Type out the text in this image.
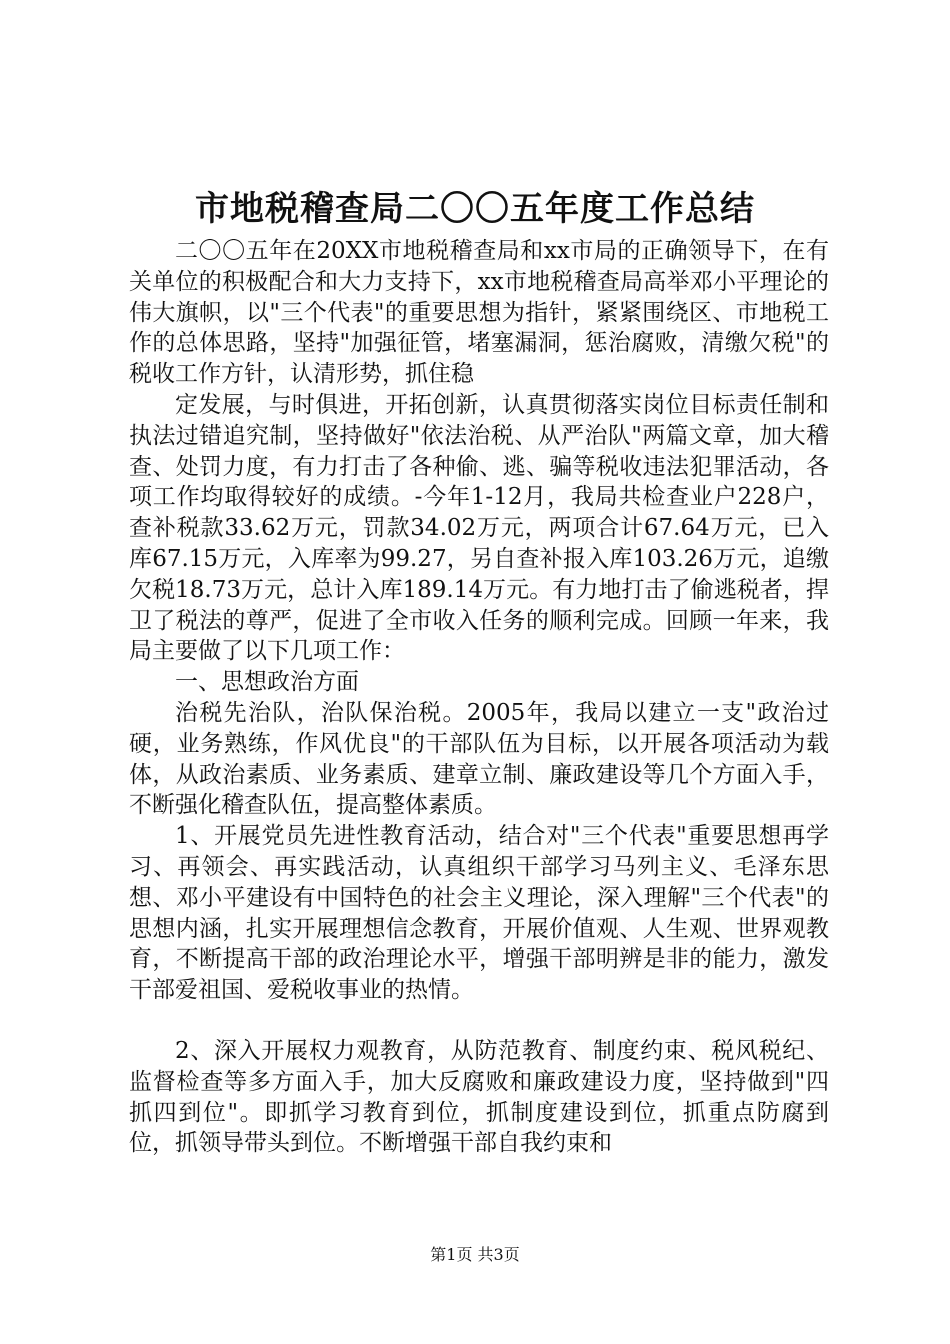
市地税稽查局二〇〇五年度工作总结

二〇〇五年在20XX市地税稽查局和xx市局的正确领导下，在有关单位的积极配合和大力支持下，xx市地税稽查局高举邓小平理论的伟大旗帜，以"三个代表"的重要思想为指针，紧紧围绕区、市地税工作的总体思路，坚持"加强征管，堵塞漏洞，惩治腐败，清缴欠税"的税收工作方针，认清形势，抓住稳

定发展，与时俱进，开拓创新，认真贯彻落实岗位目标责任制和执法过错追究制，坚持做好"依法治税、从严治队"两篇文章，加大稽查、处罚力度，有力打击了各种偷、逃、骗等税收违法犯罪活动，各项工作均取得较好的成绩。-今年1-12月，我局共检查业户228户，查补税款33.62万元，罚款34.02万元，两项合计67.64万元，已入库67.15万元，入库率为99.27，另自查补报入库103.26万元，追缴欠税18.73万元，总计入库189.14万元。有力地打击了偷逃税者，捍卫了税法的尊严，促进了全市收入任务的顺利完成。回顾一年来，我局主要做了以下几项工作：

一、思想政治方面

治税先治队，治队保治税。2005年，我局以建立一支"政治过硬，业务熟练，作风优良"的干部队伍为目标，以开展各项活动为载体，从政治素质、业务素质、建章立制、廉政建设等几个方面入手，不断强化稽查队伍，提高整体素质。

1、开展党员先进性教育活动，结合对"三个代表"重要思想再学习、再领会、再实践活动，认真组织干部学习马列主义、毛泽东思想、邓小平建设有中国特色的社会主义理论，深入理解"三个代表"的思想内涵，扎实开展理想信念教育，开展价值观、人生观、世界观教育，不断提高干部的政治理论水平，增强干部明辨是非的能力，激发干部爱祖国、爱税收事业的热情。

2、深入开展权力观教育，从防范教育、制度约束、税风税纪、监督检查等多方面入手，加大反腐败和廉政建设力度，坚持做到"四抓四到位"。即抓学习教育到位，抓制度建设到位，抓重点防腐到位，抓领导带头到位。不断增强干部自我约束和

第1页 共3页
